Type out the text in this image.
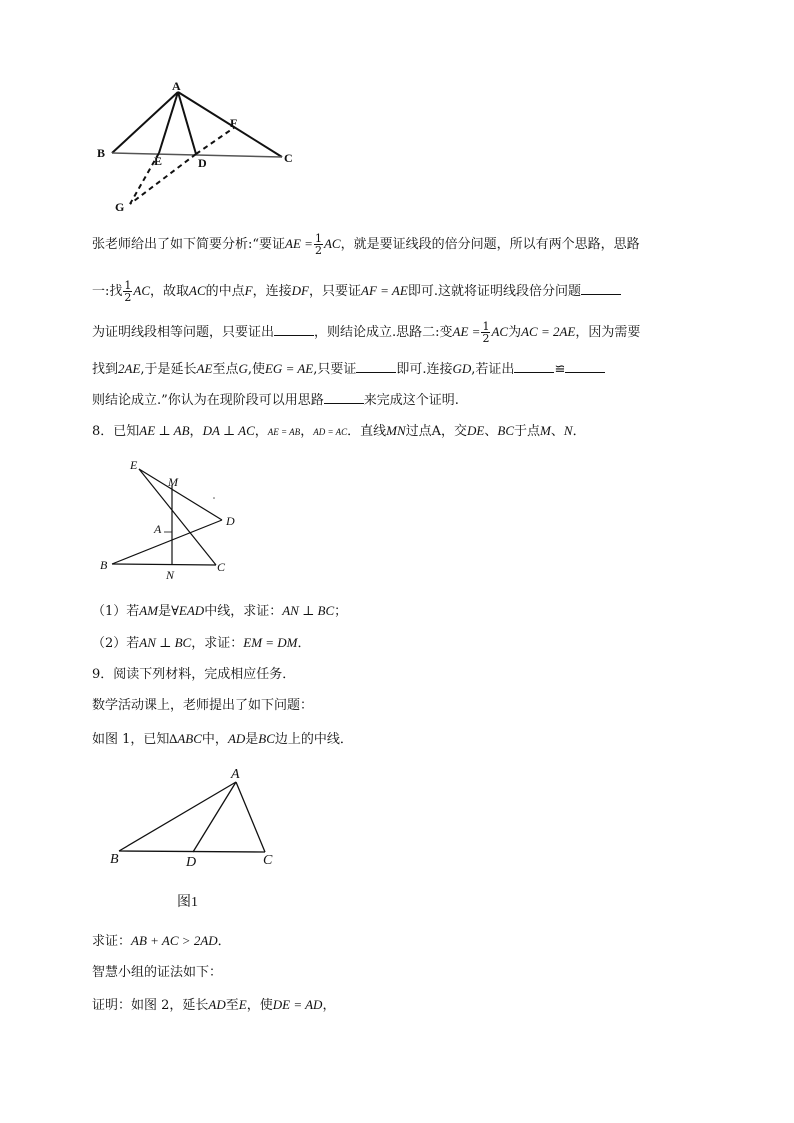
A
B
E	D
F
C
G
张老师给出了如下简要分析:“要证AE = $\frac{1}{2}$ AC，就是要证线段的倍分问题，所以有两个思路，思路
一:找 $\frac{1}{2}$ AC，故取AC的中点F，连接DF，只要证AF = AE即可.这就将证明线段倍分问题
为证明线段相等问题，只要证出	，则结论成立.思路二:变AE = $\frac{1}{2}$ AC为AC = 2AE，因为需要
找到2AE,于是延长AE至点G,使EG = AE,只要证	即可.连接GD,若证出	≌
则结论成立.”你认为在现阶段可以用思路	来完成这个证明.
8．已知AE ⊥ AB，DA ⊥ AC，AE = AB，AD = AC．直线MN过点A，交DE、BC于点M、N．
E
M
A
D
B
N
C
（1）若AM是∀EAD中线，求证：AN ⊥ BC；
（2）若AN ⊥ BC，求证：EM = DM．
9．阅读下列材料，完成相应任务．
数学活动课上，老师提出了如下问题：
如图 1，已知∆ABC中，AD是BC边上的中线．
A
B	D	C
图1
求证：AB + AC > 2AD．
智慧小组的证法如下：
证明：如图 2，延长AD至E，使DE = AD，
